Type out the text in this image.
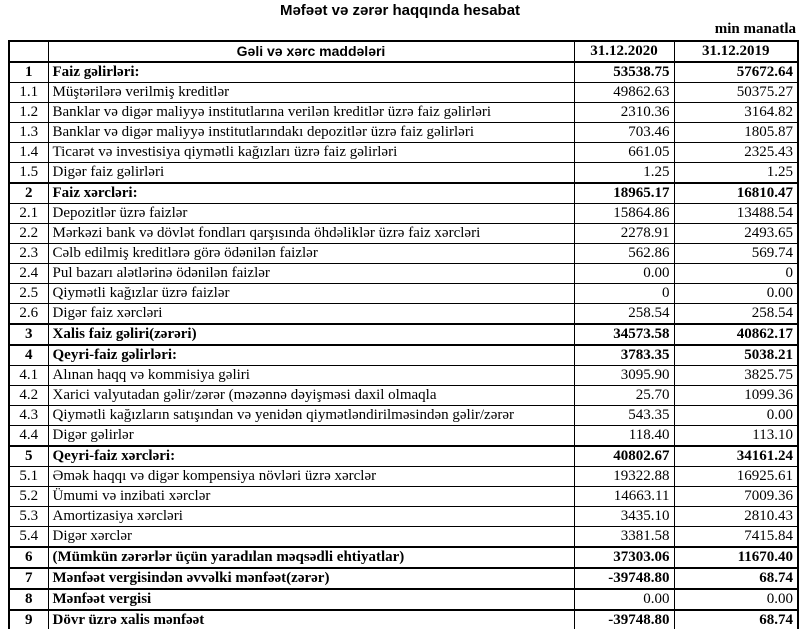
Məfəət və zərər haqqında hesabat
min manatla
	Gəli və xərc maddələri	31.12.2020	31.12.2019
1	Faiz gəlirləri:	53538.75	57672.64
1.1	Müştərilərə verilmiş kreditlər	49862.63	50375.27
1.2	Banklar və digər maliyyə institutlarına verilən kreditlər üzrə faiz gəlirləri	2310.36	3164.82
1.3	Banklar və digər maliyyə institutlarındakı depozitlər üzrə faiz gəlirləri	703.46	1805.87
1.4	Ticarət və investisiya qiymətli kağızları üzrə faiz gəlirləri	661.05	2325.43
1.5	Digər faiz gəlirləri	1.25	1.25
2	Faiz xərcləri:	18965.17	16810.47
2.1	Depozitlər üzrə faizlər	15864.86	13488.54
2.2	Mərkəzi bank və dövlət fondları qarşısında öhdəliklər üzrə faiz xərcləri	2278.91	2493.65
2.3	Cəlb edilmiş kreditlərə görə ödənilən faizlər	562.86	569.74
2.4	Pul bazarı alətlərinə ödənilən faizlər	0.00	0
2.5	Qiymətli kağızlar üzrə faizlər	0	0.00
2.6	Digər faiz xərcləri	258.54	258.54
3	Xalis faiz gəliri(zərəri)	34573.58	40862.17
4	Qeyri-faiz gəlirləri:	3783.35	5038.21
4.1	Alınan haqq və kommisiya gəliri	3095.90	3825.75
4.2	Xarici valyutadan gəlir/zərər (məzənnə dəyişməsi daxil olmaqla	25.70	1099.36
4.3	Qiymətli kağızların satışından və yenidən qiymətləndirilməsindən gəlir/zərər	543.35	0.00
4.4	Digər gəlirlər	118.40	113.10
5	Qeyri-faiz xərcləri:	40802.67	34161.24
5.1	Əmək haqqı və digər kompensiya növləri üzrə xərclər	19322.88	16925.61
5.2	Ümumi və inzibati xərclər	14663.11	7009.36
5.3	Amortizasiya xərcləri	3435.10	2810.43
5.4	Digər xərclər	3381.58	7415.84
6	(Mümkün zərərlər üçün yaradılan məqsədli ehtiyatlar)	37303.06	11670.40
7	Mənfəət vergisindən əvvəlki mənfəət(zərər)	-39748.80	68.74
8	Mənfəət vergisi	0.00	0.00
9	Dövr üzrə xalis mənfəət	-39748.80	68.74
